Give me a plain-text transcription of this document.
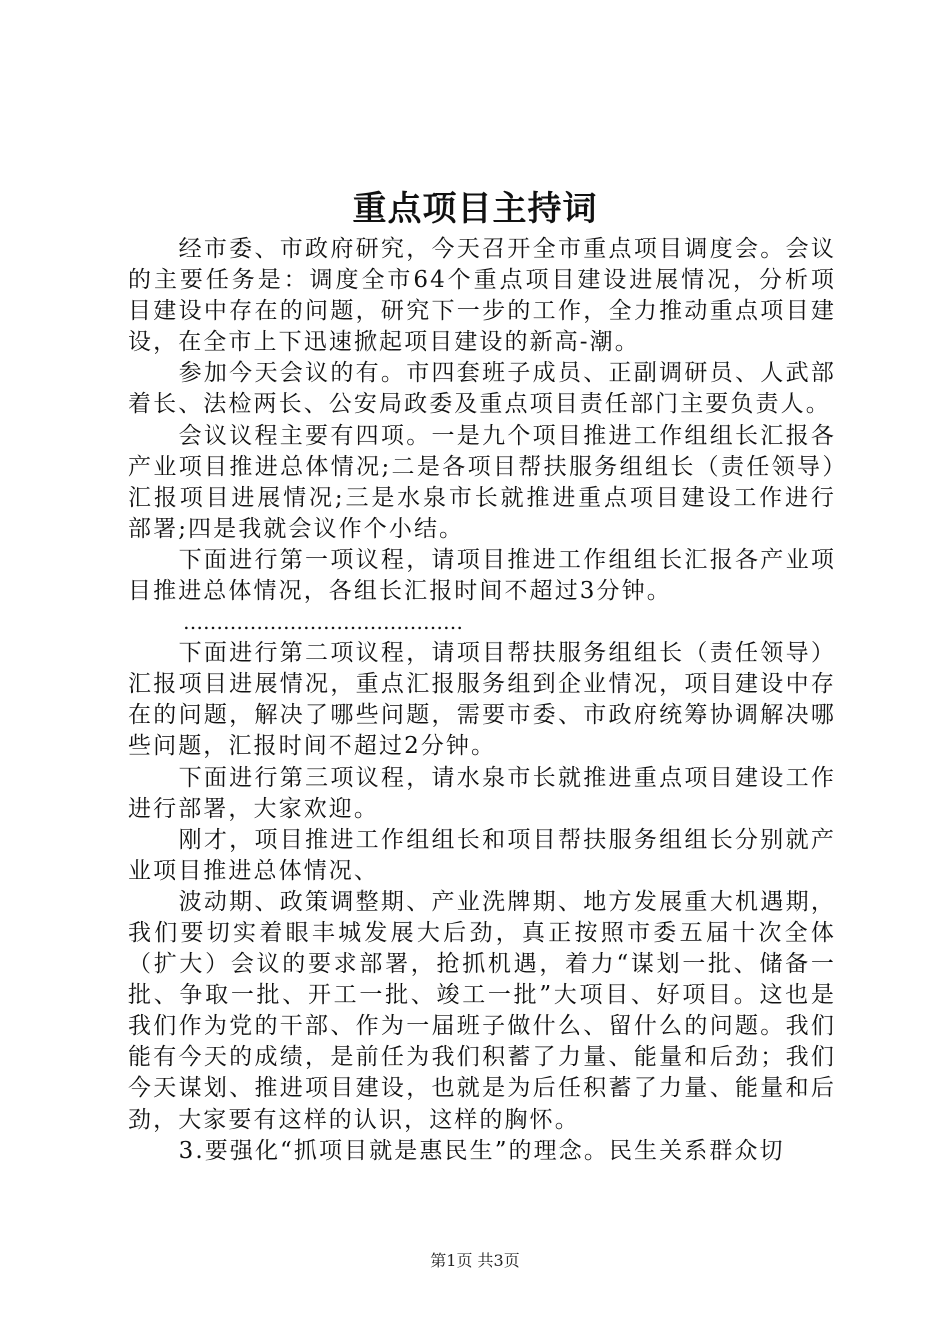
重点项目主持词

经市委、市政府研究，今天召开全市重点项目调度会。会议的主要任务是：调度全市64个重点项目建设进展情况，分析项目建设中存在的问题，研究下一步的工作，全力推动重点项目建设，在全市上下迅速掀起项目建设的新高-潮。

参加今天会议的有。市四套班子成员、正副调研员、人武部着长、法检两长、公安局政委及重点项目责任部门主要负责人。

会议议程主要有四项。一是九个项目推进工作组组长汇报各产业项目推进总体情况;二是各项目帮扶服务组组长（责任领导）汇报项目进展情况;三是水泉市长就推进重点项目建设工作进行部署;四是我就会议作个小结。

下面进行第一项议程，请项目推进工作组组长汇报各产业项目推进总体情况，各组长汇报时间不超过3分钟。

……………………………………

下面进行第二项议程，请项目帮扶服务组组长（责任领导）汇报项目进展情况，重点汇报服务组到企业情况，项目建设中存在的问题，解决了哪些问题，需要市委、市政府统筹协调解决哪些问题，汇报时间不超过2分钟。

下面进行第三项议程，请水泉市长就推进重点项目建设工作进行部署，大家欢迎。

刚才，项目推进工作组组长和项目帮扶服务组组长分别就产业项目推进总体情况、

波动期、政策调整期、产业洗牌期、地方发展重大机遇期，我们要切实着眼丰城发展大后劲，真正按照市委五届十次全体（扩大）会议的要求部署，抢抓机遇，着力“谋划一批、储备一批、争取一批、开工一批、竣工一批”大项目、好项目。这也是我们作为党的干部、作为一届班子做什么、留什么的问题。我们能有今天的成绩，是前任为我们积蓄了力量、能量和后劲；我们今天谋划、推进项目建设，也就是为后任积蓄了力量、能量和后劲，大家要有这样的认识，这样的胸怀。

3.要强化“抓项目就是惠民生”的理念。民生关系群众切

第1页 共3页
